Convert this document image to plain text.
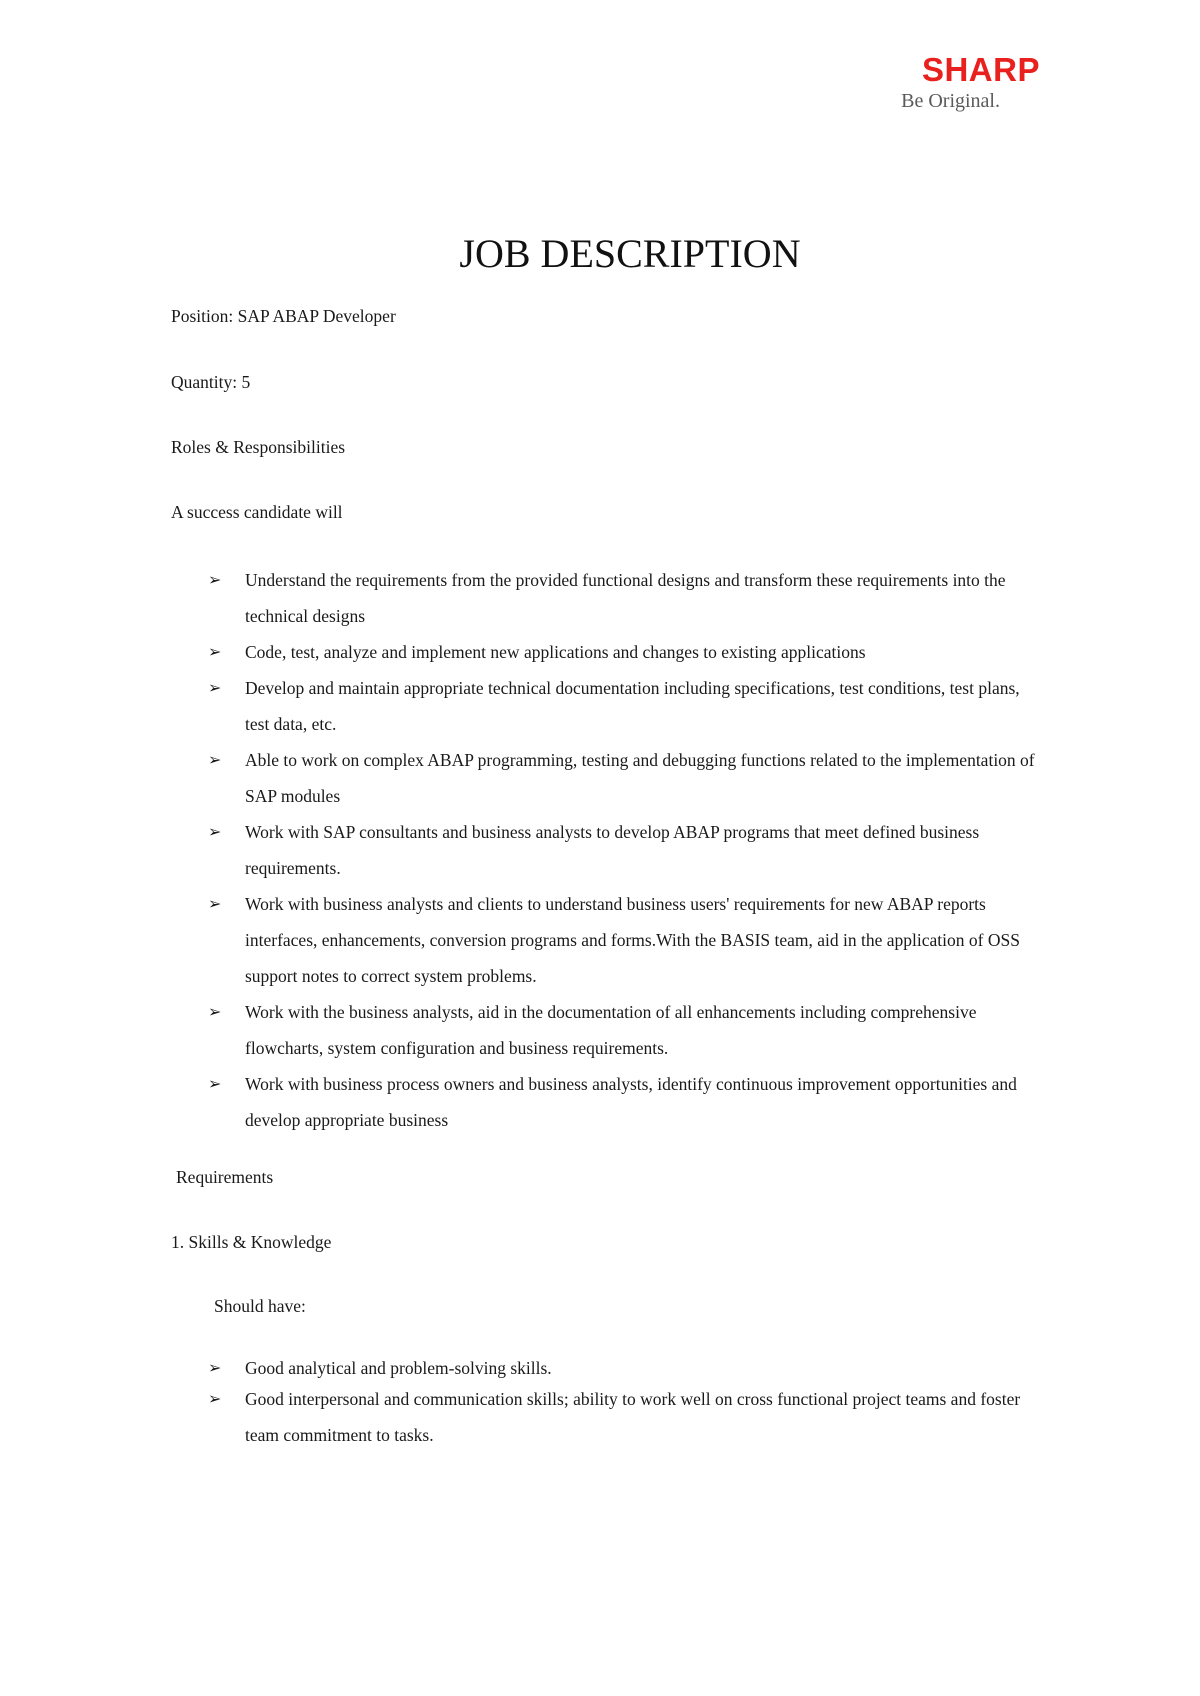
SHARP
Be Original.
JOB DESCRIPTION
Position: SAP ABAP Developer
Quantity: 5
Roles & Responsibilities
A success candidate will
➢ Understand the requirements from the provided functional designs and transform these requirements into the technical designs
➢ Code, test, analyze and implement new applications and changes to existing applications
➢ Develop and maintain appropriate technical documentation including specifications, test conditions, test plans, test data, etc.
➢ Able to work on complex ABAP programming, testing and debugging functions related to the implementation of SAP modules
➢ Work with SAP consultants and business analysts to develop ABAP programs that meet defined business requirements.
➢ Work with business analysts and clients to understand business users' requirements for new ABAP reports interfaces, enhancements, conversion programs and forms.With the BASIS team, aid in the application of OSS support notes to correct system problems.
➢ Work with the business analysts, aid in the documentation of all enhancements including comprehensive flowcharts, system configuration and business requirements.
➢ Work with business process owners and business analysts, identify continuous improvement opportunities and develop appropriate business
Requirements
1. Skills & Knowledge
Should have:
➢ Good analytical and problem-solving skills.
➢ Good interpersonal and communication skills; ability to work well on cross functional project teams and foster team commitment to tasks.
